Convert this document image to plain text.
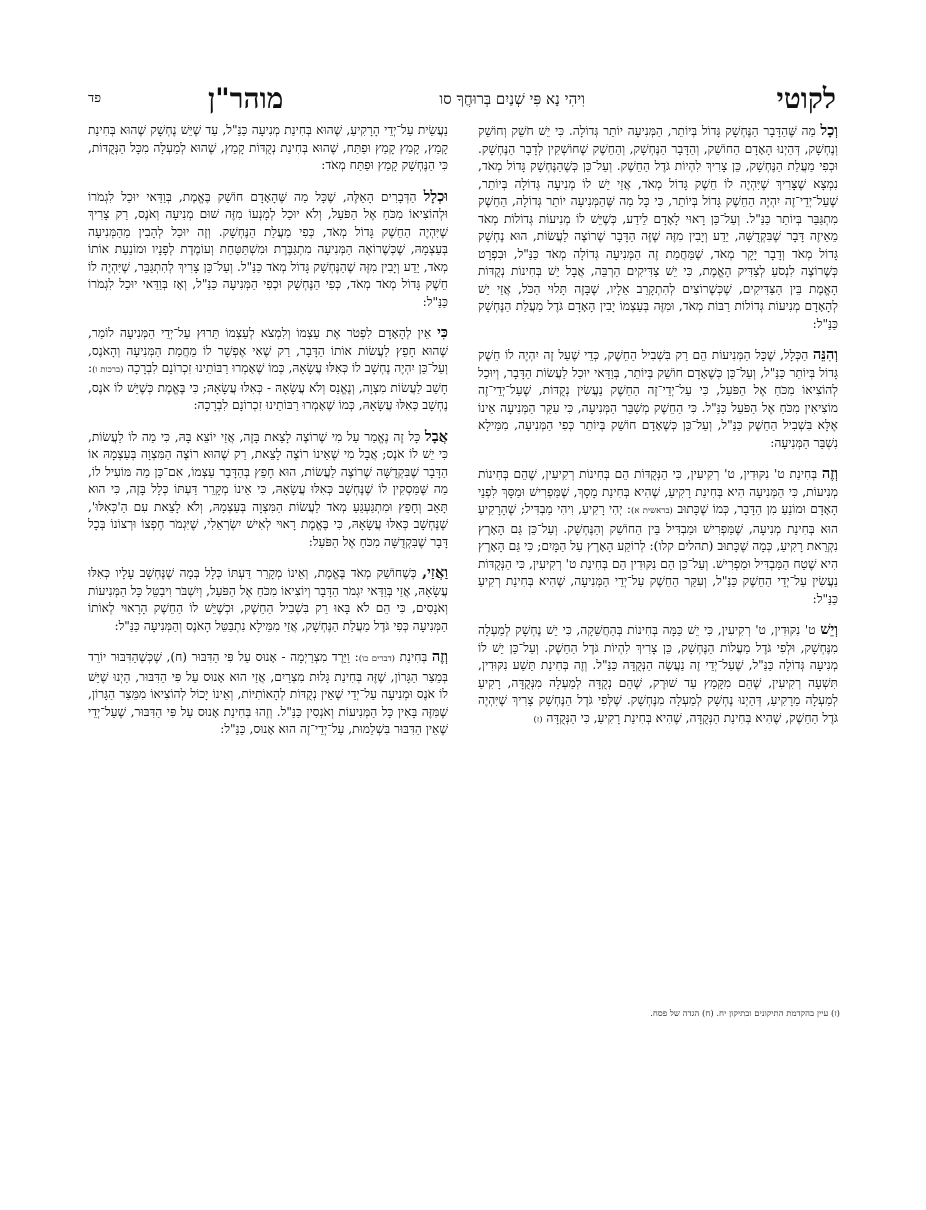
לקוטי
וִיהִי נָא פִּי שְׁנַיִם בְּרוּחֲךָ סו
מוהר"ן
פד

וְכָל מַה שֶּׁהַדָּבָר הַנֶּחְשָׁק גָּדוֹל בְּיוֹתֵר, הַמְּנִיעָה יוֹתֵר גְּדוֹלָה. כִּי יֵשׁ חֹשֵׁק וְחוֹשֵׁק וְנֶחְשָׁק, דְּהַיְנוּ הָאָדָם הַחוֹשֵׁק, וְהַדָּבָר הַנֶּחְשָׁק, וְהַחֵשֶׁק שֶׁחוֹשְׁקִין לְדָבָר הַנֶּחְשָׁק. וּכְפִי מַעֲלַת הַנֶּחְשָׁק, כֵּן צָרִיךְ לִהְיוֹת גֹּדֶל הַחֵשֶׁק. וְעַל־כֵּן כְּשֶׁהַנֶּחְשָׁק גָּדוֹל מְאֹד, נִמְצָא שֶׁצָּרִיךְ שֶׁיִּהְיֶה לוֹ חֵשֶׁק גָּדוֹל מְאֹד, אֲזַי יֵשׁ לוֹ מְנִיעָה גְּדוֹלָה בְּיוֹתֵר, שֶׁעַל־יְדֵי־זֶה יִהְיֶה הַחֵשֶׁק גָּדוֹל בְּיוֹתֵר, כִּי כָּל מַה שֶּׁהַמְּנִיעָה יוֹתֵר גְּדוֹלָה, הַחֵשֶׁק מִתְגַּבֵּר בְּיוֹתֵר כַּנַּ"ל. וְעַל־כֵּן רָאוּי לָאָדָם לֵידַע, כְּשֶׁיֵּשׁ לוֹ מְנִיעוֹת גְּדוֹלוֹת מְאֹד מֵאֵיזֶה דָּבָר שֶׁבִּקְדֻשָּׁה, יֵדַע וְיָבִין מִזֶּה שֶׁזֶּה הַדָּבָר שֶׁרוֹצֶה לַעֲשׂוֹת, הוּא נֶחְשָׁק גָּדוֹל מְאֹד וְדָבָר יָקָר מְאֹד, שֶׁמֵּחֲמַת זֶה הַמְּנִיעָה גְּדוֹלָה מְאֹד כַּנַּ"ל, וּבִפְרָט כְּשֶׁרוֹצֶה לִנְסֹעַ לְצַדִּיק הָאֱמֶת, כִּי יֵשׁ צַדִּיקִים הַרְבֵּה, אֲבָל יֵשׁ בְּחִינוֹת נְקֻדּוֹת הָאֱמֶת בֵּין הַצַּדִּיקִים, שֶׁכְּשֶׁרוֹצִים לְהִתְקָרֵב אֵלָיו, שֶׁבָּזֶה תָּלוּי הַכֹּל, אֲזַי יֵשׁ לְהָאָדָם מְנִיעוֹת גְּדוֹלוֹת רַבּוֹת מְאֹד, וּמִזֶּה בְּעַצְמוֹ יָבִין הָאָדָם גֹּדֶל מַעֲלַת הַנֶּחְשָׁק כַּנַּ"ל:

וְהִנֵּה הַכְּלָל, שֶׁכָּל הַמְּנִיעוֹת הֵם רַק בִּשְׁבִיל הַחֵשֶׁק, כְּדֵי שֶׁעַל זֶה יִהְיֶה לוֹ חֵשֶׁק גָּדוֹל בְּיוֹתֵר כַּנַּ"ל, וְעַל־כֵּן כְּשֶׁאָדָם חוֹשֵׁק בְּיוֹתֵר, בְּוַדַּאי יוּכַל לַעֲשׂוֹת הַדָּבָר, וְיוּכַל לְהוֹצִיאוֹ מִכֹּחַ אֶל הַפֹּעַל, כִּי עַל־יְדֵי־זֶה הַחֵשֶׁק נַעֲשִׂין נְקֻדּוֹת, שֶׁעַל־יְדֵי־זֶה מוֹצִיאִין מִכֹּחַ אֶל הַפֹּעַל כַּנַּ"ל. כִּי הַחֵשֶׁק מְשַׁבֵּר הַמְּנִיעָה, כִּי עִקַּר הַמְּנִיעָה אֵינוֹ אֶלָּא בִּשְׁבִיל הַחֵשֶׁק כַּנַּ"ל, וְעַל־כֵּן כְּשֶׁאָדָם חוֹשֵׁק בְּיוֹתֵר כְּפִי הַמְּנִיעָה, מִמֵּילָא נִשְׁבַּר הַמְּנִיעָה:

וְזֶה בְּחִינַת ט' נִקּוּדִין, ט' רְקִיעִין, כִּי הַנְּקֻדּוֹת הֵם בְּחִינוֹת רְקִיעִין, שֶׁהֵם בְּחִינוֹת מְנִיעוֹת, כִּי הַמְּנִיעָה הִיא בְּחִינַת רָקִיעַ, שֶׁהִיא בְּחִינַת מָסָךְ, שֶׁמַּפְרִישׁ וּמַסָּךְ לִפְנֵי הָאָדָם וּמוֹנֵעַ מִן הַדָּבָר, כְּמוֹ שֶׁכָּתוּב (בראשית א): יְהִי רָקִיעַ, וִיהִי מַבְדִּיל; שֶׁהָרָקִיעַ הוּא בְּחִינַת מְנִיעָה, שֶׁמַּפְרִישׁ וּמַבְדִּיל בֵּין הַחוֹשֵׁק וְהַנֶּחְשָׁק. וְעַל־כֵּן גַּם הָאָרֶץ נִקְרֵאת רָקִיעַ, כְּמָה שֶׁכָּתוּב (תהלים קלו): לְרוֹקַע הָאָרֶץ עַל הַמָּיִם; כִּי גַּם הָאָרֶץ הִיא שֶׁטַח הַמַּבְדִּיל וּמַפְרִישׁ. וְעַל־כֵּן הֵם נִקּוּדִין הֵם בְּחִינַת ט' רְקִיעִין, כִּי הַנְּקֻדּוֹת נַעֲשִׂין עַל־יְדֵי הַחֵשֶׁק כַּנַּ"ל, וְעִקַּר הַחֵשֶׁק עַל־יְדֵי הַמְּנִיעָה, שֶׁהִיא בְּחִינַת רְקִיעַ כַּנַּ"ל:

וְיֵשׁ ט' נִקּוּדִין, ט' רְקִיעִין, כִּי יֵשׁ כַּמָּה בְּחִינוֹת בְּהַחֲשֵׁקָה, כִּי יֵשׁ נֶחְשָׁק לְמַעְלָה מִנֶּחְשָׁק, וּלְפִי גֹּדֶל מַעֲלוֹת הַנֶּחְשָׁק, כֵּן צָרִיךְ לִהְיוֹת גֹּדֶל הַחֵשֶׁק. וְעַל־כֵּן יֵשׁ לוֹ מְנִיעָה גְּדוֹלָה כַּנַּ"ל, שֶׁעַל־יְדֵי זֶה נַעֲשָׂה הַנְּקֻדָּה כַּנַּ"ל. וְזֶה בְּחִינַת תֵּשַׁע נִקּוּדִין, תִּשְׁעָה רְקִיעִין, שֶׁהֵם מִקָּמַץ עַד שׁוּרֶק, שֶׁהֵם נְקֻדָּה לְמַעְלָה מִנְּקֻדָּה, רָקִיעַ לְמַעְלָה מֵרָקִיעַ, דְּהַיְנוּ נֶחְשָׁק לְמַעְלָה מִנֶּחְשָׁק. שֶׁלְּפִי גֹּדֶל הַנֶּחְשָׁק צָרִיךְ שֶׁיִּהְיֶה גֹּדֶל הַחֵשֶׁק, שֶׁהִיא בְּחִינַת הַנְּקֻדָּה, שֶׁהִיא בְּחִינַת רָקִיעַ, כִּי הַנְּקֻדָּה (ז)

נַעֲשֵׂית עַל־יְדֵי הָרָקִיעַ, שֶׁהוּא בְּחִינַת מְנִיעָה כַּנַּ"ל, עַד שֶׁיֵּשׁ נֶחְשָׁק שֶׁהוּא בְּחִינַת קָמַץ, קָמַץ קָמַץ וּפַתַּח, שֶׁהוּא בְּחִינַת נְקֻדּוֹת קָמַץ, שֶׁהוּא לְמַעְלָה מִכָּל הַנְּקֻדּוֹת, כִּי הַנֶּחְשָׁק קָמַץ וּפַתַּח מְאֹד:

וּכְלָל הַדְּבָרִים הָאֵלֶּה, שֶׁכָּל מַה שֶּׁהָאָדָם חוֹשֵׁק בֶּאֱמֶת, בְּוַדַּאי יוּכַל לִגְמֹרוֹ וּלְהוֹצִיאוֹ מִכֹּחַ אֶל הַפֹּעַל, וְלֹא יוּכַל לְמָנְעוֹ מִזֶּה שׁוּם מְנִיעָה וְאֹנֶס, רַק צָרִיךְ שֶׁיִּהְיֶה הַחֵשֶׁק גָּדוֹל מְאֹד, כְּפִי מַעֲלַת הַנֶּחְשָׁק. וְזֶה יוּכַל לְהָבִין מֵהַמְּנִיעָה בְּעַצְמָהּ, שֶׁכְּשֶׁרוֹאֶה הַמְּנִיעָה מִתְגַּבֶּרֶת וּמִשְׁתַּטַּחַת וְעוֹמֶדֶת לְפָנָיו וּמוֹנַעַת אוֹתוֹ מְאֹד, יֵדַע וְיָבִין מִזֶּה שֶׁהַנֶּחְשָׁק גָּדוֹל מְאֹד כַּנַּ"ל. וְעַל־כֵּן צָרִיךְ לְהִתְגַּבֵּר, שֶׁיִּהְיֶה לוֹ חֵשֶׁק גָּדוֹל מְאֹד מְאֹד, כְּפִי הַנֶּחְשָׁק וּכְפִי הַמְּנִיעָה כַּנַּ"ל, וְאָז בְּוַדַּאי יוּכַל לִגְמֹרוֹ כַּנַּ"ל:

כִּי אֵין לְהָאָדָם לִפְטֹר אֶת עַצְמוֹ וְלִמְצֹא לְעַצְמוֹ תֵּרוּץ עַל־יְדֵי הַמְּנִיעָה לוֹמַר, שֶׁהוּא חָפֵץ לַעֲשׂוֹת אוֹתוֹ הַדָּבָר, רַק שֶׁאִי אֶפְשָׁר לוֹ מֵחֲמַת הַמְּנִיעָה וְהָאֹנֶס, וְעַל־כֵּן יִהְיֶה נֶחְשָׁב לוֹ כְּאִלּוּ עֲשָׂאָהּ, כְּמוֹ שֶׁאָמְרוּ רַבּוֹתֵינוּ זִכְרוֹנָם לִבְרָכָה (ברכות ו): חָשַׁב לַעֲשׂוֹת מִצְוָה, וְנֶאֱנַס וְלֹא עֲשָׂאָהּ - כְּאִלּוּ עֲשָׂאָהּ; כִּי בֶּאֱמֶת כְּשֶׁיֵּשׁ לוֹ אֹנֶס, נֶחְשָׁב כְּאִלּוּ עֲשָׂאָהּ, כְּמוֹ שֶׁאָמְרוּ רַבּוֹתֵינוּ זִכְרוֹנָם לִבְרָכָה:

אֲבָל כָּל זֶה נֶאֱמַר עַל מִי שֶׁרוֹצֶה לָצֵאת בָּזֶה, אֲזַי יוֹצֵא בָּהּ, כִּי מַה לוֹ לַעֲשׂוֹת, כִּי יֵשׁ לוֹ אֹנֶס; אֲבָל מִי שֶׁאֵינוֹ רוֹצֶה לָצֵאת, רַק שֶׁהוּא רוֹצֶה הַמִּצְוָה בְּעַצְמָהּ אוֹ הַדָּבָר שֶׁבִּקְדֻשָּׁה שֶׁרוֹצֶה לַעֲשׂוֹת, הוּא חָפֵץ בְּהַדָּבָר עַצְמוֹ, אִם־כֵּן מַה מּוֹעִיל לוֹ, מַה שֶּׁמַּסְקִין לוֹ שֶׁנֶּחְשָׁב כְּאִלּוּ עֲשָׂאָהּ, כִּי אֵינוֹ מְקָרֵר דַּעְתּוֹ כְּלָל בָּזֶה, כִּי הוּא תָּאֵב וְחָפֵץ וּמִתְגַּעְגֵּעַ מְאֹד לַעֲשׂוֹת הַמִּצְוָה בְּעַצְמָהּ, וְלֹא לָצֵאת עִם הַ'כְּאִלּוּ', שֶׁנֶּחְשָׁב כְּאִלּוּ עֲשָׂאָהּ, כִּי בֶּאֱמֶת רָאוּי לְאִישׁ יִשְׂרְאֵלִי, שֶׁיִּגְמֹר חֶפְצוֹ וּרְצוֹנוֹ בְּכָל דָּבָר שֶׁבִּקְדֻשָּׁה מִכֹּחַ אֶל הַפֹּעַל:

וַאֲזַי, כְּשֶׁחוֹשֵׁק מְאֹד בֶּאֱמֶת, וְאֵינוֹ מְקָרֵר דַּעְתּוֹ כְּלָל בְּמָה שֶׁנֶּחְשָׁב עָלָיו כְּאִלּוּ עֲשָׂאָהּ, אֲזַי בְּוַדַּאי יִגְמֹר הַדָּבָר וְיוֹצִיאוֹ מִכֹּחַ אֶל הַפֹּעַל, וְיִשְׁבֹּר וִיבַטֵּל כָּל הַמְּנִיעוֹת וְאֹנָסִים, כִּי הֵם לֹא בָּאוּ רַק בִּשְׁבִיל הַחֵשֶׁק, וּכְשֶׁיֵּשׁ לוֹ הַחֵשֶׁק הָרָאוּי לְאוֹתוֹ הַמְּנִיעָה כְּפִי גֹּדֶל מַעֲלַת הַנֶּחְשָׁק, אֲזַי מִמֵּילָא נִתְבַּטֵּל הָאֹנֶס וְהַמְּנִיעָה כַּנַּ"ל:

וְזֶה בְּחִינַת (דברים כו): וַיֵּרֶד מִצְרַיְמָה - אָנוּס עַל פִּי הַדִּבּוּר (ח), שֶׁכְּשֶׁהַדִּבּוּר יוֹרֵד בְּמֵצַר הַגָּרוֹן, שֶׁזֶּה בְּחִינַת גָּלוּת מִצְרַיִם, אֲזַי הוּא אָנוּס עַל פִּי הַדִּבּוּר, הַיְנוּ שֶׁיֵּשׁ לוֹ אֹנֶס וּמְנִיעָה עַל־יְדֵי שֶׁאֵין נְקֻדּוֹת לְהָאוֹתִיּוֹת, וְאֵינוֹ יָכוֹל לְהוֹצִיאוֹ מִמֵּצַר הַגָּרוֹן, שֶׁמִּזֶּה בָּאִין כָּל הַמְּנִיעוֹת וְאֹנְסִין כַּנַּ"ל. וְזֶהוּ בְּחִינַת אָנוּס עַל פִּי הַדִּבּוּר, שֶׁעַל־יְדֵי שֶׁאֵין הַדִּבּוּר בִּשְׁלֵמוּת, עַל־יְדֵי־זֶה הוּא אָנוּס, כַּנַּ"ל:

(ז) עיין בהקדמת התיקונים ובתיקון יח. (ח) הגדה של פסח.
